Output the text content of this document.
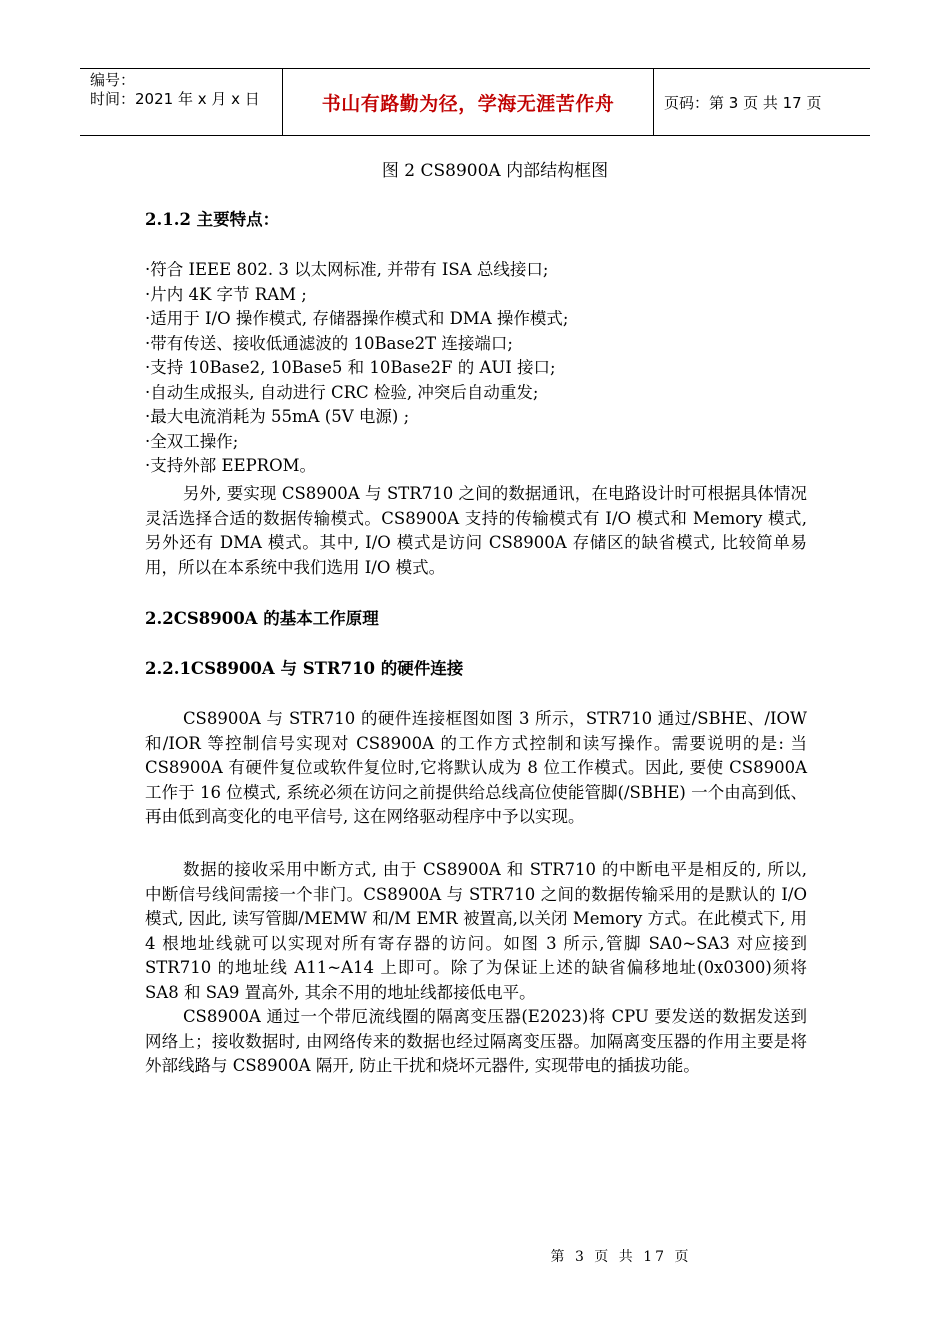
编号：
时间：2021 年 x 月 x 日	书山有路勤为径，学海无涯苦作舟	页码：第 3 页 共 17 页
图 2 CS8900A 内部结构框图
2.1.2 主要特点：
·符合 IEEE 802. 3 以太网标准, 并带有 ISA 总线接口;
·片内 4K 字节 RAM ;
·适用于 I/O 操作模式, 存储器操作模式和 DMA 操作模式;
·带有传送、接收低通滤波的 10Base2T 连接端口;
·支持 10Base2, 10Base5 和 10Base2F 的 AUI 接口;
·自动生成报头, 自动进行 CRC 检验, 冲突后自动重发;
·最大电流消耗为 55mA (5V 电源) ;
·全双工操作;
·支持外部 EEPROM。
另外, 要实现 CS8900A 与 STR710 之间的数据通讯，在电路设计时可根据具体情况灵活选择合适的数据传输模式。CS8900A 支持的传输模式有 I/O 模式和 Memory 模式, 另外还有 DMA 模式。其中, I/O 模式是访问 CS8900A 存储区的缺省模式, 比较简单易用，所以在本系统中我们选用 I/O 模式。
2.2CS8900A 的基本工作原理
2.2.1CS8900A 与 STR710 的硬件连接
CS8900A 与 STR710 的硬件连接框图如图 3 所示，STR710 通过/SBHE、/IOW 和/IOR 等控制信号实现对 CS8900A 的工作方式控制和读写操作。需要说明的是: 当 CS8900A 有硬件复位或软件复位时,它将默认成为 8 位工作模式。因此, 要使 CS8900A 工作于 16 位模式, 系统必须在访问之前提供给总线高位使能管脚(/SBHE) 一个由高到低、再由低到高变化的电平信号, 这在网络驱动程序中予以实现。
数据的接收采用中断方式, 由于 CS8900A 和 STR710 的中断电平是相反的, 所以, 中断信号线间需接一个非门。CS8900A 与 STR710 之间的数据传输采用的是默认的 I/O 模式, 因此, 读写管脚/MEMW 和/M EMR 被置高,以关闭 Memory 方式。在此模式下, 用 4 根地址线就可以实现对所有寄存器的访问。如图 3 所示,管脚 SA0~SA3 对应接到 STR710 的地址线 A11~A14 上即可。除了为保证上述的缺省偏移地址(0x0300)须将 SA8 和 SA9 置高外, 其余不用的地址线都接低电平。
CS8900A 通过一个带厄流线圈的隔离变压器(E2023)将 CPU 要发送的数据发送到网络上；接收数据时, 由网络传来的数据也经过隔离变压器。加隔离变压器的作用主要是将外部线路与 CS8900A 隔开, 防止干扰和烧坏元器件, 实现带电的插拔功能。
第 3 页 共 17 页
